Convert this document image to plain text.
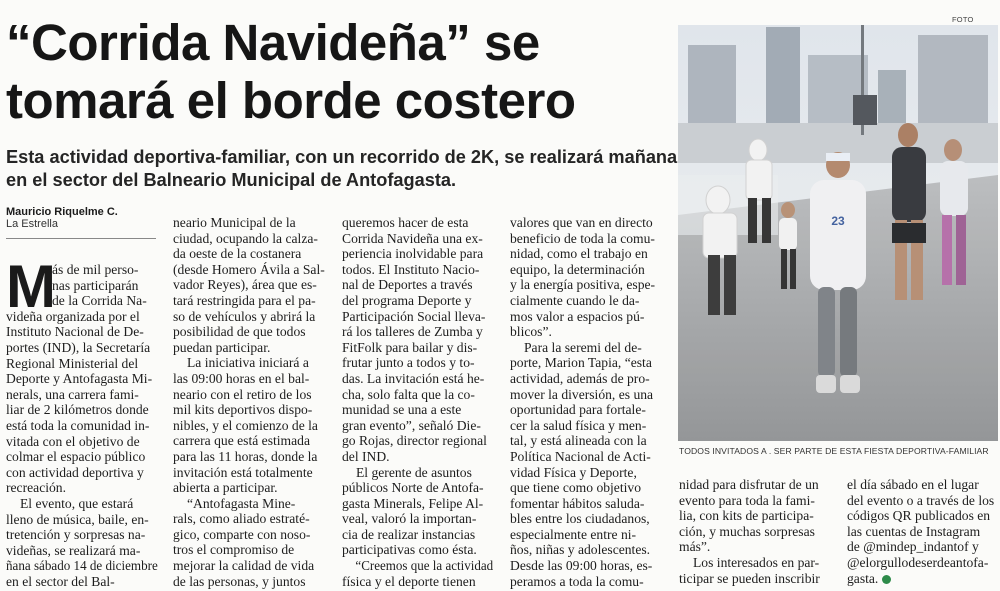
FOTO
“Corrida Navideña” se
tomará el borde costero

Esta actividad deportiva-familiar, con un recorrido de 2K, se realizará mañana
en el sector del Balneario Municipal de Antofagasta.

Mauricio Riquelme C.
La Estrella
M
ás de mil perso-
nas participarán
de la Corrida Na-
videña organizada por el
Instituto Nacional de De-
portes (IND), la Secretaría
Regional Ministerial del
Deporte y Antofagasta Mi-
nerals, una carrera fami-
liar de 2 kilómetros donde
está toda la comunidad in-
vitada con el objetivo de
colmar el espacio público
con actividad deportiva y
recreación.
El evento, que estará
lleno de música, baile, en-
tretención y sorpresas na-
videñas, se realizará ma-
ñana sábado 14 de diciembre
en el sector del Bal-
neario Municipal de la
ciudad, ocupando la calza-
da oeste de la costanera
(desde Homero Ávila a Sal-
vador Reyes), área que es-
tará restringida para el pa-
so de vehículos y abrirá la
posibilidad de que todos
puedan participar.
La iniciativa iniciará a
las 09:00 horas en el bal-
neario con el retiro de los
mil kits deportivos dispo-
nibles, y el comienzo de la
carrera que está estimada
para las 11 horas, donde la
invitación está totalmente
abierta a participar.
“Antofagasta Mine-
rals, como aliado estraté-
gico, comparte con noso-
tros el compromiso de
mejorar la calidad de vida
de las personas, y juntos
queremos hacer de esta
Corrida Navideña una ex-
periencia inolvidable para
todos. El Instituto Nacio-
nal de Deportes a través
del programa Deporte y
Participación Social lleva-
rá los talleres de Zumba y
FitFolk para bailar y dis-
frutar junto a todos y to-
das. La invitación está he-
cha, solo falta que la co-
munidad se una a este
gran evento”, señaló Die-
go Rojas, director regional
del IND.
El gerente de asuntos
públicos Norte de Antofa-
gasta Minerals, Felipe Al-
veal, valoró la importan-
cia de realizar instancias
participativas como ésta.
“Creemos que la actividad
física y el deporte tienen
valores que van en directo
beneficio de toda la comu-
nidad, como el trabajo en
equipo, la determinación
y la energía positiva, espe-
cialmente cuando le da-
mos valor a espacios pú-
blicos”.
Para la seremi del de-
porte, Marion Tapia, “esta
actividad, además de pro-
mover la diversión, es una
oportunidad para fortale-
cer la salud física y men-
tal, y está alineada con la
Política Nacional de Acti-
vidad Física y Deporte,
que tiene como objetivo
fomentar hábitos saluda-
bles entre los ciudadanos,
especialmente entre ni-
ños, niñas y adolescentes.
Desde las 09:00 horas, es-
peramos a toda la comu-
nidad para disfrutar de un
evento para toda la fami-
lia, con kits de participa-
ción, y muchas sorpresas
más”.
Los interesados en par-
ticipar se pueden inscribir
el día sábado en el lugar
del evento o a través de los
códigos QR publicados en
las cuentas de Instagram
de @mindep_indantof y
@elorgullodeserdeantofa-
gasta.
23
TODOS INVITADOS A . SER PARTE DE ESTA FIESTA DEPORTIVA-FAMILIAR
